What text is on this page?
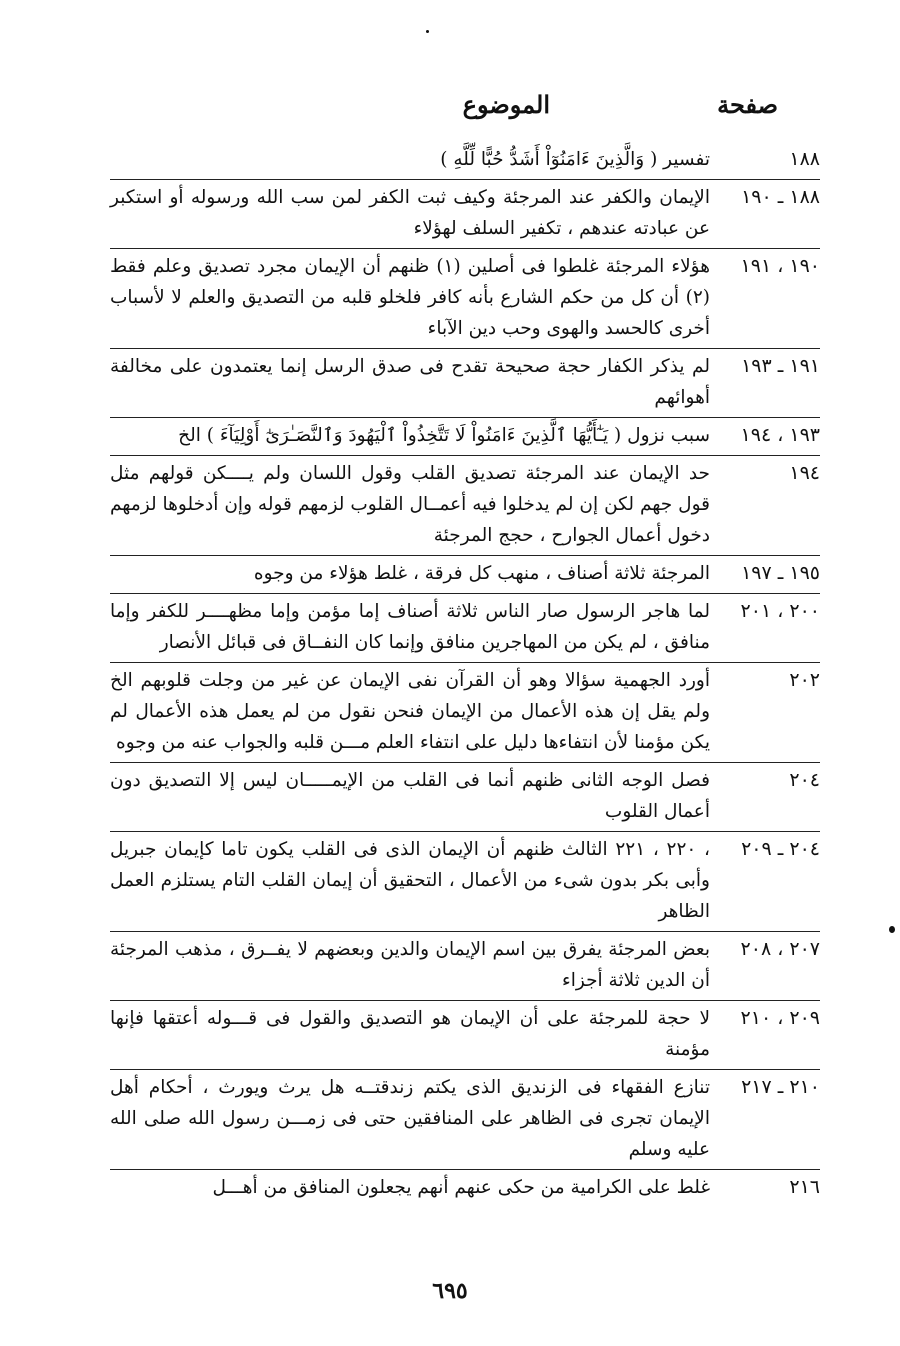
صفحة
الموضوع
١٨٨
تفسير ( وَالَّذِينَ ءَامَنُوٓاْ أَشَدُّ حُبًّا لِّلَّهِ )
١٨٨ ـ ١٩٠
الإيمان والكفر عند المرجئة وكيف ثبت الكفر لمن سب الله ورسوله أو استكبر عن عبادته عندهم ، تكفير السلف لهؤلاء
١٩٠ ، ١٩١
هؤلاء المرجئة غلطوا فى أصلين (١) ظنهم أن الإيمان مجرد تصديق وعلم فقط (٢) أن كل من حكم الشارع بأنه كافر فلخلو قلبه من التصديق والعلم لا لأسباب أخرى كالحسد والهوى وحب دين الآباء
١٩١ ـ ١٩٣
لم يذكر الكفار حجة صحيحة تقدح فى صدق الرسل إنما يعتمدون على مخالفة أهوائهم
١٩٣ ، ١٩٤
سبب نزول ( يَـٰٓأَيُّهَا ٱلَّذِينَ ءَامَنُواْ لَا تَتَّخِذُواْ ٱلْيَهُودَ وَٱلنَّصَـٰرَىٰٓ أَوْلِيَآءَ ) الخ
١٩٤
حد الإيمان عند المرجئة تصديق القلب وقول اللسان ولم يــــكن قولهم مثل قول جهم لكن إن لم يدخلوا فيه أعمــال القلوب لزمهم قوله وإن أدخلوها لزمهم دخول أعمال الجوارح ، حجج المرجئة
١٩٥ ـ ١٩٧
المرجئة ثلاثة أصناف ، منهب كل فرقة ، غلط هؤلاء من وجوه
٢٠٠ ، ٢٠١
لما هاجر الرسول صار الناس ثلاثة أصناف إما مؤمن وإما مظهــــر للكفر وإما منافق ، لم يكن من المهاجرين منافق وإنما كان النفــاق فى قبائل الأنصار
٢٠٢
أورد الجهمية سؤالا وهو أن القرآن نفى الإيمان عن غير من وجلت قلوبهم الخ ولم يقل إن هذه الأعمال من الإيمان فنحن نقول من لم يعمل هذه الأعمال لم يكن مؤمنا لأن انتفاءها دليل على انتفاء العلم مـــن قلبه والجواب عنه من وجوه
٢٠٤
فصل الوجه الثانى ظنهم أنما فى القلب من الإيمـــــان ليس إلا التصديق دون أعمال القلوب
٢٠٤ ـ ٢٠٩
، ٢٢٠ ، ٢٢١ الثالث ظنهم أن الإيمان الذى فى القلب يكون تاما كإيمان جبريل وأبى بكر بدون شىء من الأعمال ، التحقيق أن إيمان القلب التام يستلزم العمل الظاهر
٢٠٧ ، ٢٠٨
بعض المرجئة يفرق بين اسم الإيمان والدين وبعضهم لا يفــرق ، مذهب المرجئة أن الدين ثلاثة أجزاء
٢٠٩ ، ٢١٠
لا حجة للمرجئة على أن الإيمان هو التصديق والقول فى قـــوله أعتقها فإنها مؤمنة
٢١٠ ـ ٢١٧
تنازع الفقهاء فى الزنديق الذى يكتم زندقتــه هل يرث ويورث ، أحكام أهل الإيمان تجرى فى الظاهر على المنافقين حتى فى زمـــن رسول الله صلى الله عليه وسلم
٢١٦
غلط على الكرامية من حكى عنهم أنهم يجعلون المنافق من أهـــل
٦٩٥
